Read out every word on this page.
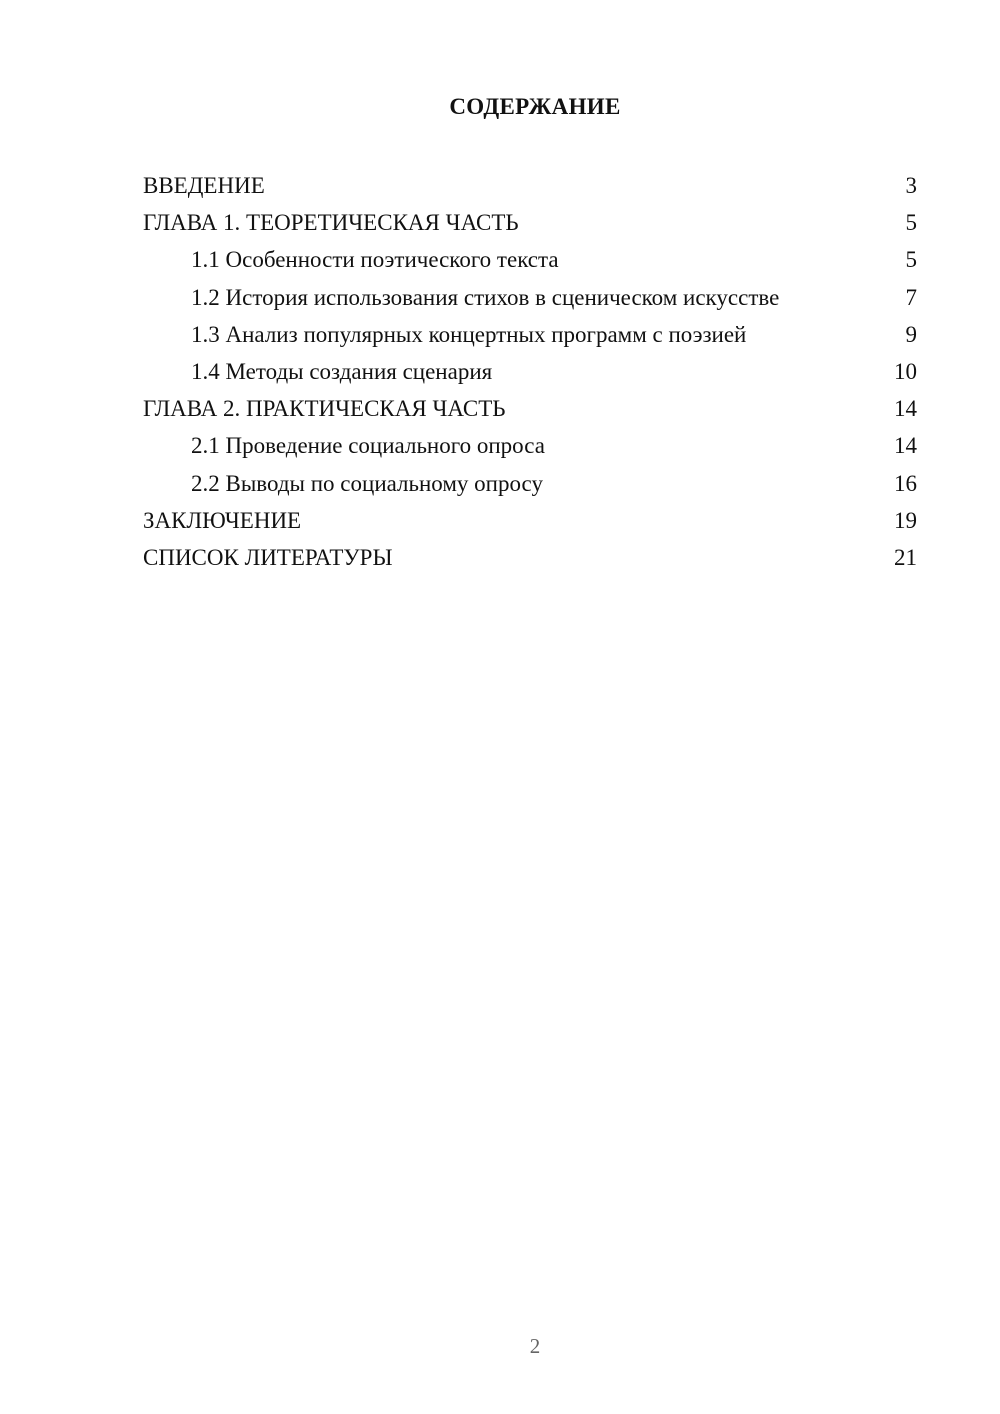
СОДЕРЖАНИЕ
ВВЕДЕНИЕ	3
ГЛАВА 1. ТЕОРЕТИЧЕСКАЯ ЧАСТЬ	5
1.1 Особенности поэтического текста	5
1.2 История использования стихов в сценическом искусстве	7
1.3 Анализ популярных концертных программ с поэзией	9
1.4 Методы создания сценария	10
ГЛАВА 2. ПРАКТИЧЕСКАЯ ЧАСТЬ	14
2.1 Проведение социального опроса	14
2.2 Выводы по социальному опросу	16
ЗАКЛЮЧЕНИЕ	19
СПИСОК ЛИТЕРАТУРЫ	21
2
